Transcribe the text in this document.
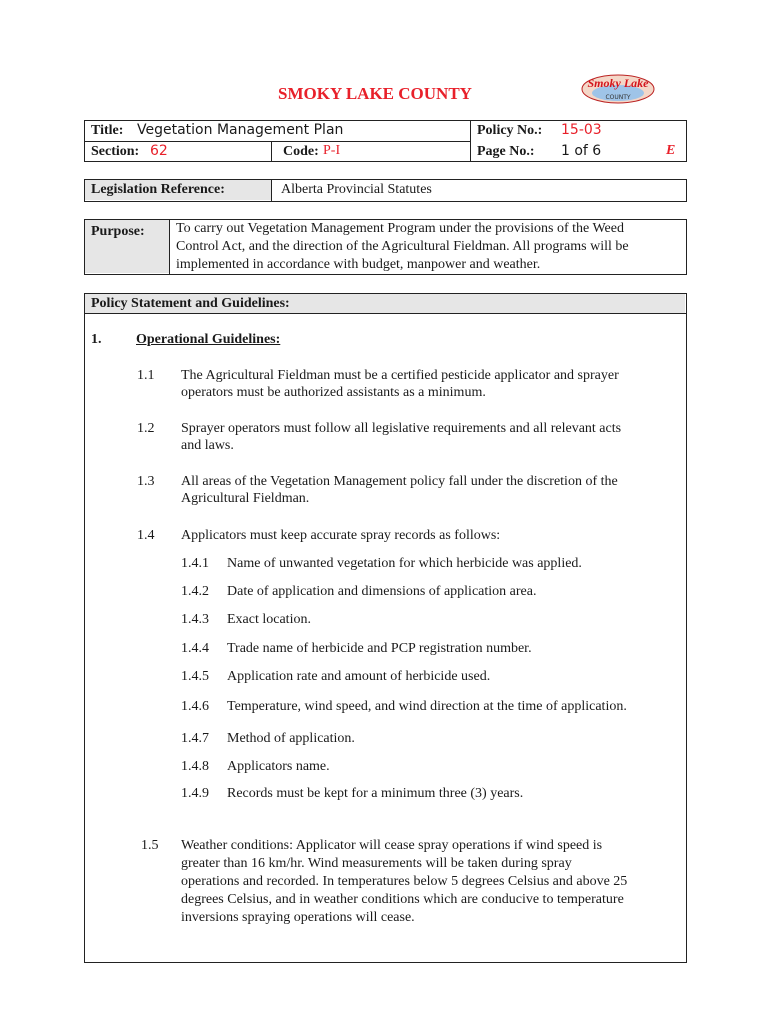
SMOKY LAKE COUNTY
Smoky Lake
COUNTY
Title: Vegetation Management Plan
Section: 62	Code: P-I
Policy No.: 15-03
Page No.: 1 of 6	E
Legislation Reference:	Alberta Provincial Statutes
Purpose: To carry out Vegetation Management Program under the provisions of the Weed
Control Act, and the direction of the Agricultural Fieldman. All programs will be
implemented in accordance with budget, manpower and weather.
Policy Statement and Guidelines:
1. Operational Guidelines:
1.1 The Agricultural Fieldman must be a certified pesticide applicator and sprayer
operators must be authorized assistants as a minimum.
1.2 Sprayer operators must follow all legislative requirements and all relevant acts
and laws.
1.3 All areas of the Vegetation Management policy fall under the discretion of the
Agricultural Fieldman.
1.4 Applicators must keep accurate spray records as follows:
1.4.1 Name of unwanted vegetation for which herbicide was applied.
1.4.2 Date of application and dimensions of application area.
1.4.3 Exact location.
1.4.4 Trade name of herbicide and PCP registration number.
1.4.5 Application rate and amount of herbicide used.
1.4.6 Temperature, wind speed, and wind direction at the time of application.
1.4.7 Method of application.
1.4.8 Applicators name.
1.4.9 Records must be kept for a minimum three (3) years.
1.5 Weather conditions: Applicator will cease spray operations if wind speed is
greater than 16 km/hr. Wind measurements will be taken during spray
operations and recorded. In temperatures below 5 degrees Celsius and above 25
degrees Celsius, and in weather conditions which are conducive to temperature
inversions spraying operations will cease.
